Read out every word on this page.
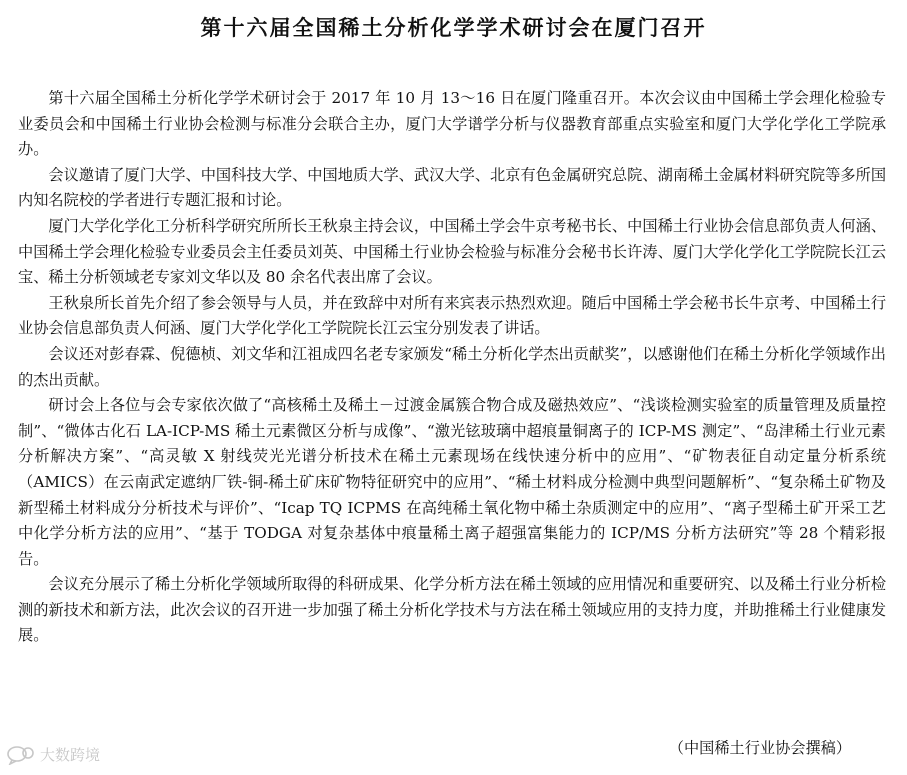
第十六届全国稀土分析化学学术研讨会在厦门召开

第十六届全国稀土分析化学学术研讨会于 2017 年 10 月 13～16 日在厦门隆重召开。本次会议由中国稀土学会理化检验专业委员会和中国稀土行业协会检测与标准分会联合主办，厦门大学谱学分析与仪器教育部重点实验室和厦门大学化学化工学院承办。

会议邀请了厦门大学、中国科技大学、中国地质大学、武汉大学、北京有色金属研究总院、湖南稀土金属材料研究院等多所国内知名院校的学者进行专题汇报和讨论。

厦门大学化学化工分析科学研究所所长王秋泉主持会议，中国稀土学会牛京考秘书长、中国稀土行业协会信息部负责人何涵、中国稀土学会理化检验专业委员会主任委员刘英、中国稀土行业协会检验与标准分会秘书长许涛、厦门大学化学化工学院院长江云宝、稀土分析领域老专家刘文华以及 80 余名代表出席了会议。

王秋泉所长首先介绍了参会领导与人员，并在致辞中对所有来宾表示热烈欢迎。随后中国稀土学会秘书长牛京考、中国稀土行业协会信息部负责人何涵、厦门大学化学化工学院院长江云宝分别发表了讲话。

会议还对彭春霖、倪德桢、刘文华和江祖成四名老专家颁发“稀土分析化学杰出贡献奖”，以感谢他们在稀土分析化学领域作出的杰出贡献。

研讨会上各位与会专家依次做了“高核稀土及稀土－过渡金属簇合物合成及磁热效应”、“浅谈检测实验室的质量管理及质量控制”、“微体古化石 LA-ICP-MS 稀土元素微区分析与成像”、“激光铉玻璃中超痕量铜离子的 ICP-MS 测定”、“岛津稀土行业元素分析解决方案”、“高灵敏 X 射线荧光光谱分析技术在稀土元素现场在线快速分析中的应用”、“矿物表征自动定量分析系统（AMICS）在云南武定遮纳厂铁-铜-稀土矿床矿物特征研究中的应用”、“稀土材料成分检测中典型问题解析”、“复杂稀土矿物及新型稀土材料成分分析技术与评价”、“Icap TQ ICPMS 在高纯稀土氧化物中稀土杂质测定中的应用”、“离子型稀土矿开采工艺中化学分析方法的应用”、“基于 TODGA 对复杂基体中痕量稀土离子超强富集能力的 ICP/MS 分析方法研究”等 28 个精彩报告。

会议充分展示了稀土分析化学领域所取得的科研成果、化学分析方法在稀土领域的应用情况和重要研究、以及稀土行业分析检测的新技术和新方法，此次会议的召开进一步加强了稀土分析化学技术与方法在稀土领域应用的支持力度，并助推稀土行业健康发展。

（中国稀土行业协会撰稿）
大数跨境
